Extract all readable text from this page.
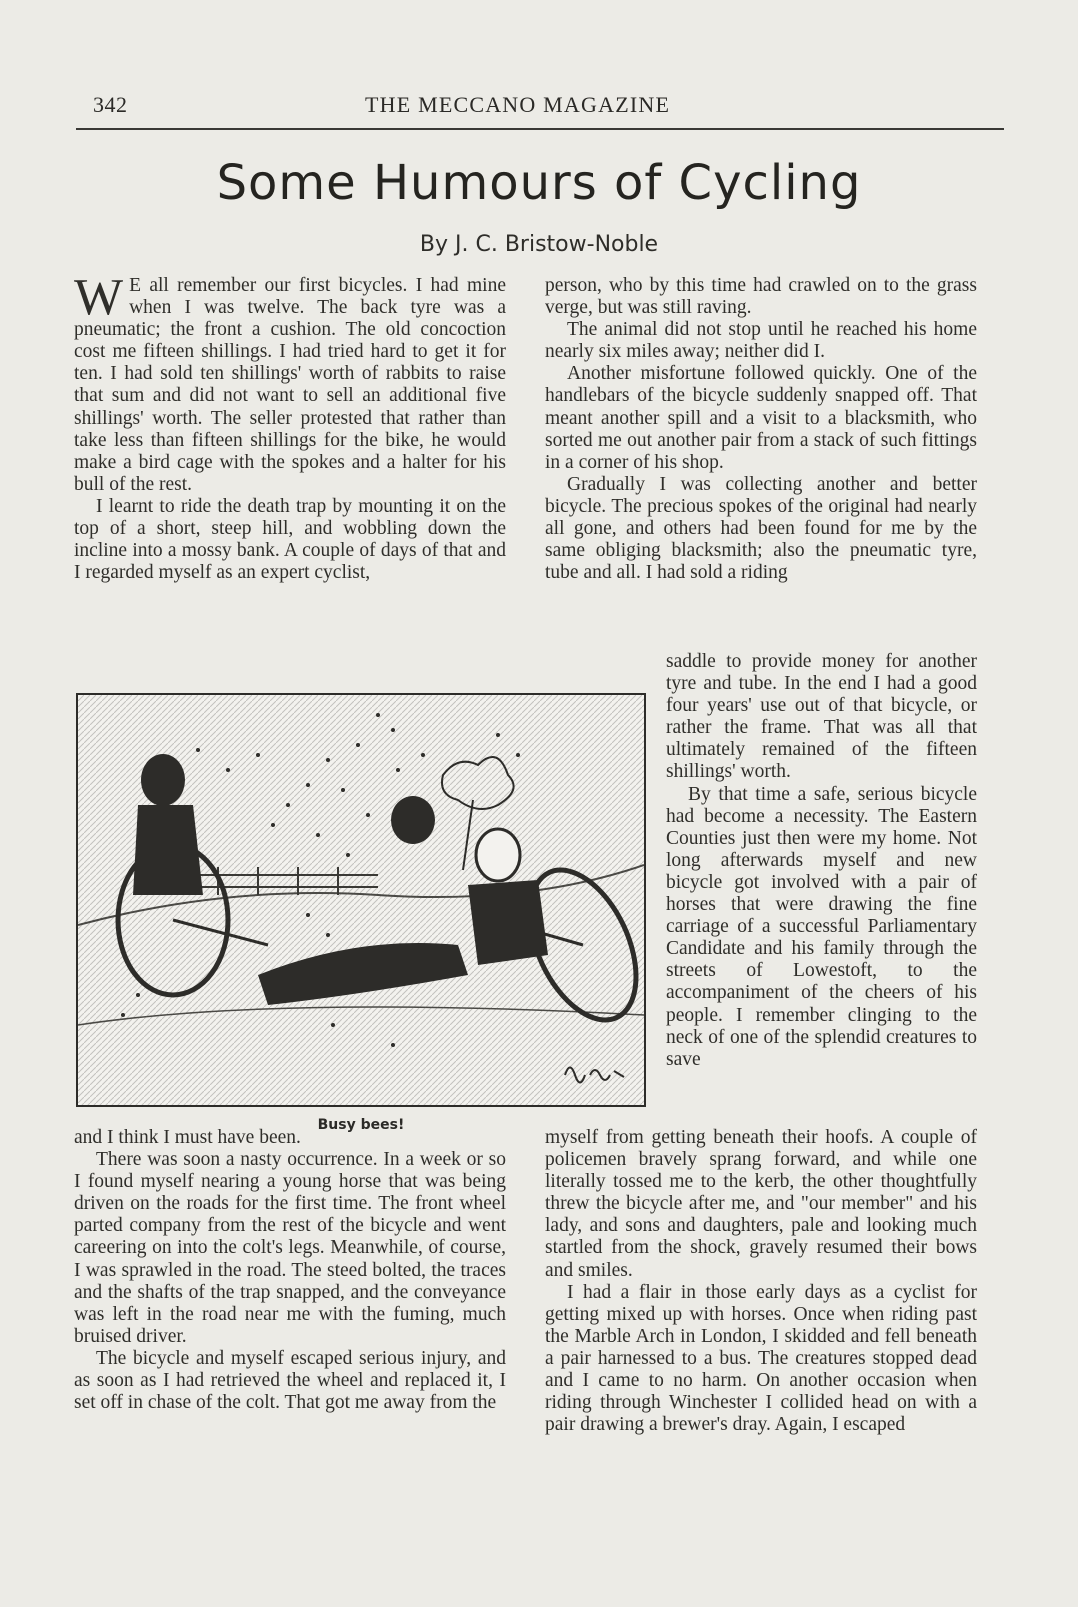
342	THE MECCANO MAGAZINE
Some Humours of Cycling
By J. C. Bristow-Noble

W E all remember our first bicycles. I had mine when I was twelve. The back tyre was a pneumatic; the front a cushion. The old concoction cost me fifteen shillings. I had tried hard to get it for ten. I had sold ten shillings' worth of rabbits to raise that sum and did not want to sell an additional five shillings' worth. The seller protested that rather than take less than fifteen shillings for the bike, he would make a bird cage with the spokes and a halter for his bull of the rest.

I learnt to ride the death trap by mounting it on the top of a short, steep hill, and wobbling down the incline into a mossy bank. A couple of days of that and I regarded myself as an expert cyclist,

person, who by this time had crawled on to the grass verge, but was still raving.

The animal did not stop until he reached his home nearly six miles away; neither did I.

Another misfortune followed quickly. One of the handlebars of the bicycle suddenly snapped off. That meant another spill and a visit to a blacksmith, who sorted me out another pair from a stack of such fittings in a corner of his shop.

Gradually I was collecting another and better bicycle. The precious spokes of the original had nearly all gone, and others had been found for me by the same obliging blacksmith; also the pneumatic tyre, tube and all. I had sold a riding

saddle to provide money for another tyre and tube. In the end I had a good four years' use out of that bicycle, or rather the frame. That was all that ultimately remained of the fifteen shillings' worth.

By that time a safe, serious bicycle had become a necessity. The Eastern Counties just then were my home. Not long afterwards myself and new bicycle got involved with a pair of horses that were drawing the fine carriage of a successful Parliamentary Candidate and his family through the streets of Lowestoft, to the accompaniment of the cheers of his people. I remember clinging to the neck of one of the splendid creatures to save

Busy bees!

and I think I must have been.

There was soon a nasty occurrence. In a week or so I found myself nearing a young horse that was being driven on the roads for the first time. The front wheel parted company from the rest of the bicycle and went careering on into the colt's legs. Meanwhile, of course, I was sprawled in the road. The steed bolted, the traces and the shafts of the trap snapped, and the conveyance was left in the road near me with the fuming, much bruised driver.

The bicycle and myself escaped serious injury, and as soon as I had retrieved the wheel and replaced it, I set off in chase of the colt. That got me away from the

myself from getting beneath their hoofs. A couple of policemen bravely sprang forward, and while one literally tossed me to the kerb, the other thoughtfully threw the bicycle after me, and "our member" and his lady, and sons and daughters, pale and looking much startled from the shock, gravely resumed their bows and smiles.

I had a flair in those early days as a cyclist for getting mixed up with horses. Once when riding past the Marble Arch in London, I skidded and fell beneath a pair harnessed to a bus. The creatures stopped dead and I came to no harm. On another occasion when riding through Winchester I collided head on with a pair drawing a brewer's dray. Again, I escaped
